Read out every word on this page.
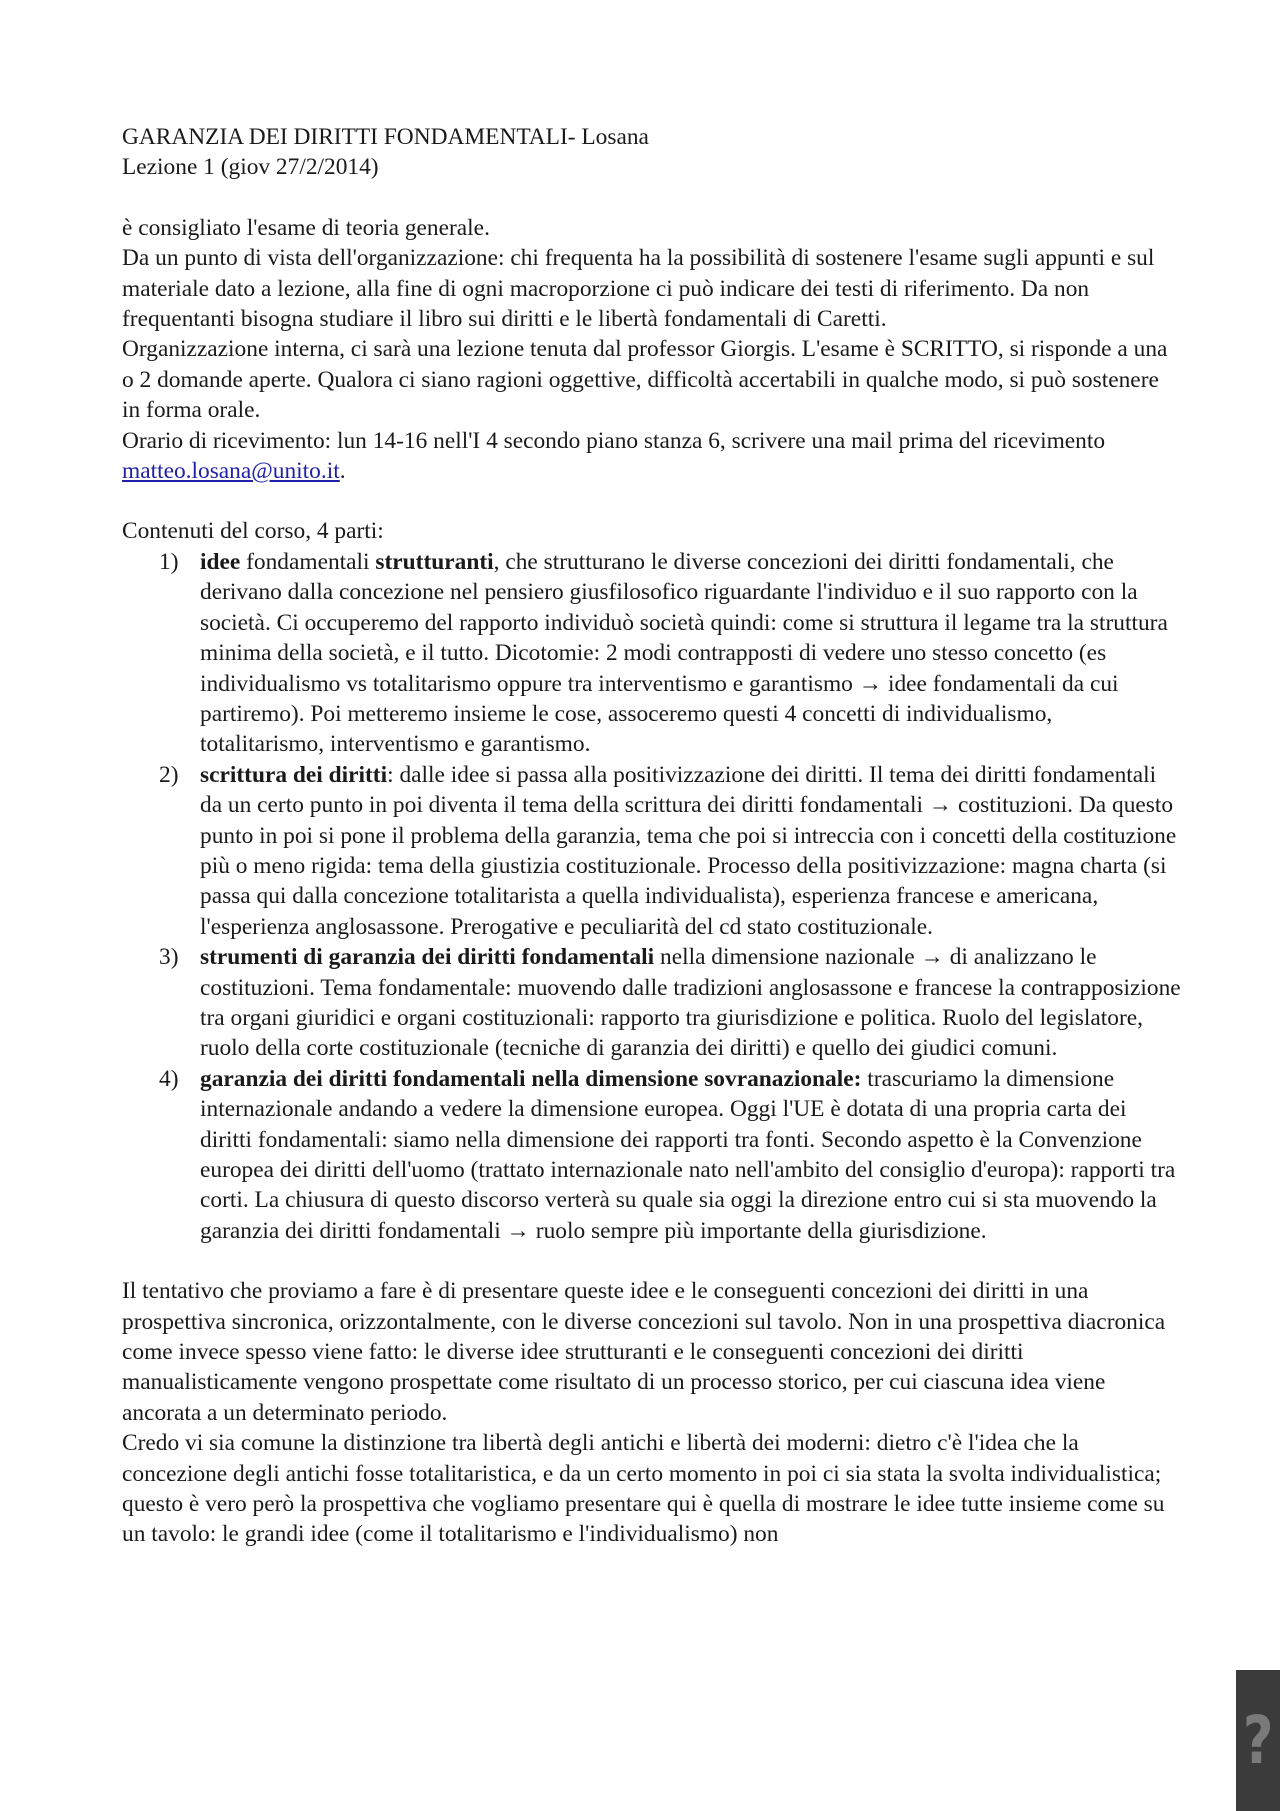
GARANZIA DEI DIRITTI FONDAMENTALI- Losana

Lezione 1 (giov 27/2/2014)

è consigliato l'esame di teoria generale.

Da un punto di vista dell'organizzazione: chi frequenta ha la possibilità di sostenere l'esame sugli appunti e sul materiale dato a lezione, alla fine di ogni macroporzione ci può indicare dei testi di riferimento. Da non frequentanti bisogna studiare il libro sui diritti e le libertà fondamentali di Caretti.

Organizzazione interna, ci sarà una lezione tenuta dal professor Giorgis. L'esame è SCRITTO, si risponde a una o 2 domande aperte. Qualora ci siano ragioni oggettive, difficoltà accertabili in qualche modo, si può sostenere in forma orale.

Orario di ricevimento: lun 14-16 nell'I 4 secondo piano stanza 6, scrivere una mail prima del ricevimento matteo.losana@unito.it.

Contenuti del corso, 4 parti:

1) idee fondamentali strutturanti, che strutturano le diverse concezioni dei diritti fondamentali, che derivano dalla concezione nel pensiero giusfilosofico riguardante l'individuo e il suo rapporto con la società. Ci occuperemo del rapporto individuò società quindi: come si struttura il legame tra la struttura minima della società, e il tutto. Dicotomie: 2 modi contrapposti di vedere uno stesso concetto (es individualismo vs totalitarismo oppure tra interventismo e garantismo → idee fondamentali da cui partiremo). Poi metteremo insieme le cose, assoceremo questi 4 concetti di individualismo, totalitarismo, interventismo e garantismo.
2) scrittura dei diritti: dalle idee si passa alla positivizzazione dei diritti. Il tema dei diritti fondamentali da un certo punto in poi diventa il tema della scrittura dei diritti fondamentali → costituzioni. Da questo punto in poi si pone il problema della garanzia, tema che poi si intreccia con i concetti della costituzione più o meno rigida: tema della giustizia costituzionale. Processo della positivizzazione: magna charta (si passa qui dalla concezione totalitarista a quella individualista), esperienza francese e americana, l'esperienza anglosassone. Prerogative e peculiarità del cd stato costituzionale.
3) strumenti di garanzia dei diritti fondamentali nella dimensione nazionale → di analizzano le costituzioni. Tema fondamentale: muovendo dalle tradizioni anglosassone e francese la contrapposizione tra organi giuridici e organi costituzionali: rapporto tra giurisdizione e politica. Ruolo del legislatore, ruolo della corte costituzionale (tecniche di garanzia dei diritti) e quello dei giudici comuni.
4) garanzia dei diritti fondamentali nella dimensione sovranazionale: trascuriamo la dimensione internazionale andando a vedere la dimensione europea. Oggi l'UE è dotata di una propria carta dei diritti fondamentali: siamo nella dimensione dei rapporti tra fonti. Secondo aspetto è la Convenzione europea dei diritti dell'uomo (trattato internazionale nato nell'ambito del consiglio d'europa): rapporti tra corti. La chiusura di questo discorso verterà su quale sia oggi la direzione entro cui si sta muovendo la garanzia dei diritti fondamentali → ruolo sempre più importante della giurisdizione.

Il tentativo che proviamo a fare è di presentare queste idee e le conseguenti concezioni dei diritti in una prospettiva sincronica, orizzontalmente, con le diverse concezioni sul tavolo. Non in una prospettiva diacronica come invece spesso viene fatto: le diverse idee strutturanti e le conseguenti concezioni dei diritti manualisticamente vengono prospettate come risultato di un processo storico, per cui ciascuna idea viene ancorata a un determinato periodo.

Credo vi sia comune la distinzione tra libertà degli antichi e libertà dei moderni: dietro c'è l'idea che la concezione degli antichi fosse totalitaristica, e da un certo momento in poi ci sia stata la svolta individualistica; questo è vero però la prospettiva che vogliamo presentare qui è quella di mostrare le idee tutte insieme come su un tavolo: le grandi idee (come il totalitarismo e l'individualismo) non

?
